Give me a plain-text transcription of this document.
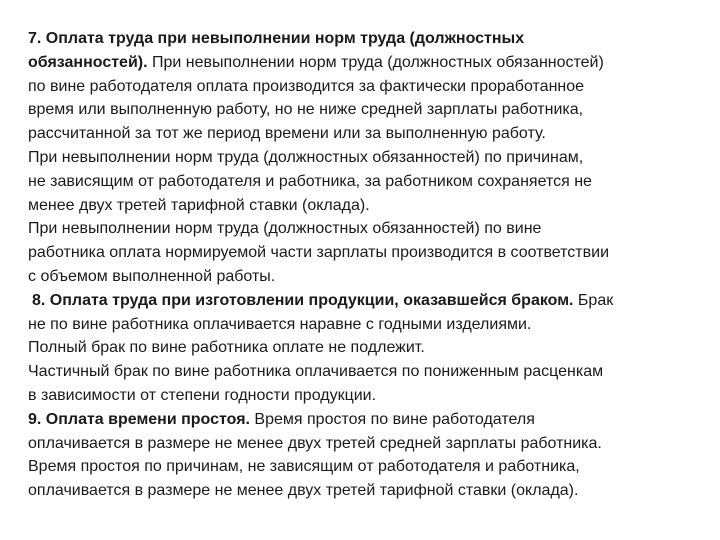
7. Оплата труда при невыполнении норм труда (должностных
обязанностей). При невыполнении норм труда (должностных обязанностей)
по вине работодателя оплата производится за фактически проработанное
время или выполненную работу, но не ниже средней зарплаты работника,
рассчитанной за тот же период времени или за выполненную работу.
При невыполнении норм труда (должностных обязанностей) по причинам,
не зависящим от работодателя и работника, за работником сохраняется не
менее двух третей тарифной ставки (оклада).
При невыполнении норм труда (должностных обязанностей) по вине
работника оплата нормируемой части зарплаты производится в соответствии
с объемом выполненной работы.
8. Оплата труда при изготовлении продукции, оказавшейся браком. Брак
не по вине работника оплачивается наравне с годными изделиями.
Полный брак по вине работника оплате не подлежит.
Частичный брак по вине работника оплачивается по пониженным расценкам
в зависимости от степени годности продукции.
9. Оплата времени простоя. Время простоя по вине работодателя
оплачивается в размере не менее двух третей средней зарплаты работника.
Время простоя по причинам, не зависящим от работодателя и работника,
оплачивается в размере не менее двух третей тарифной ставки (оклада).
